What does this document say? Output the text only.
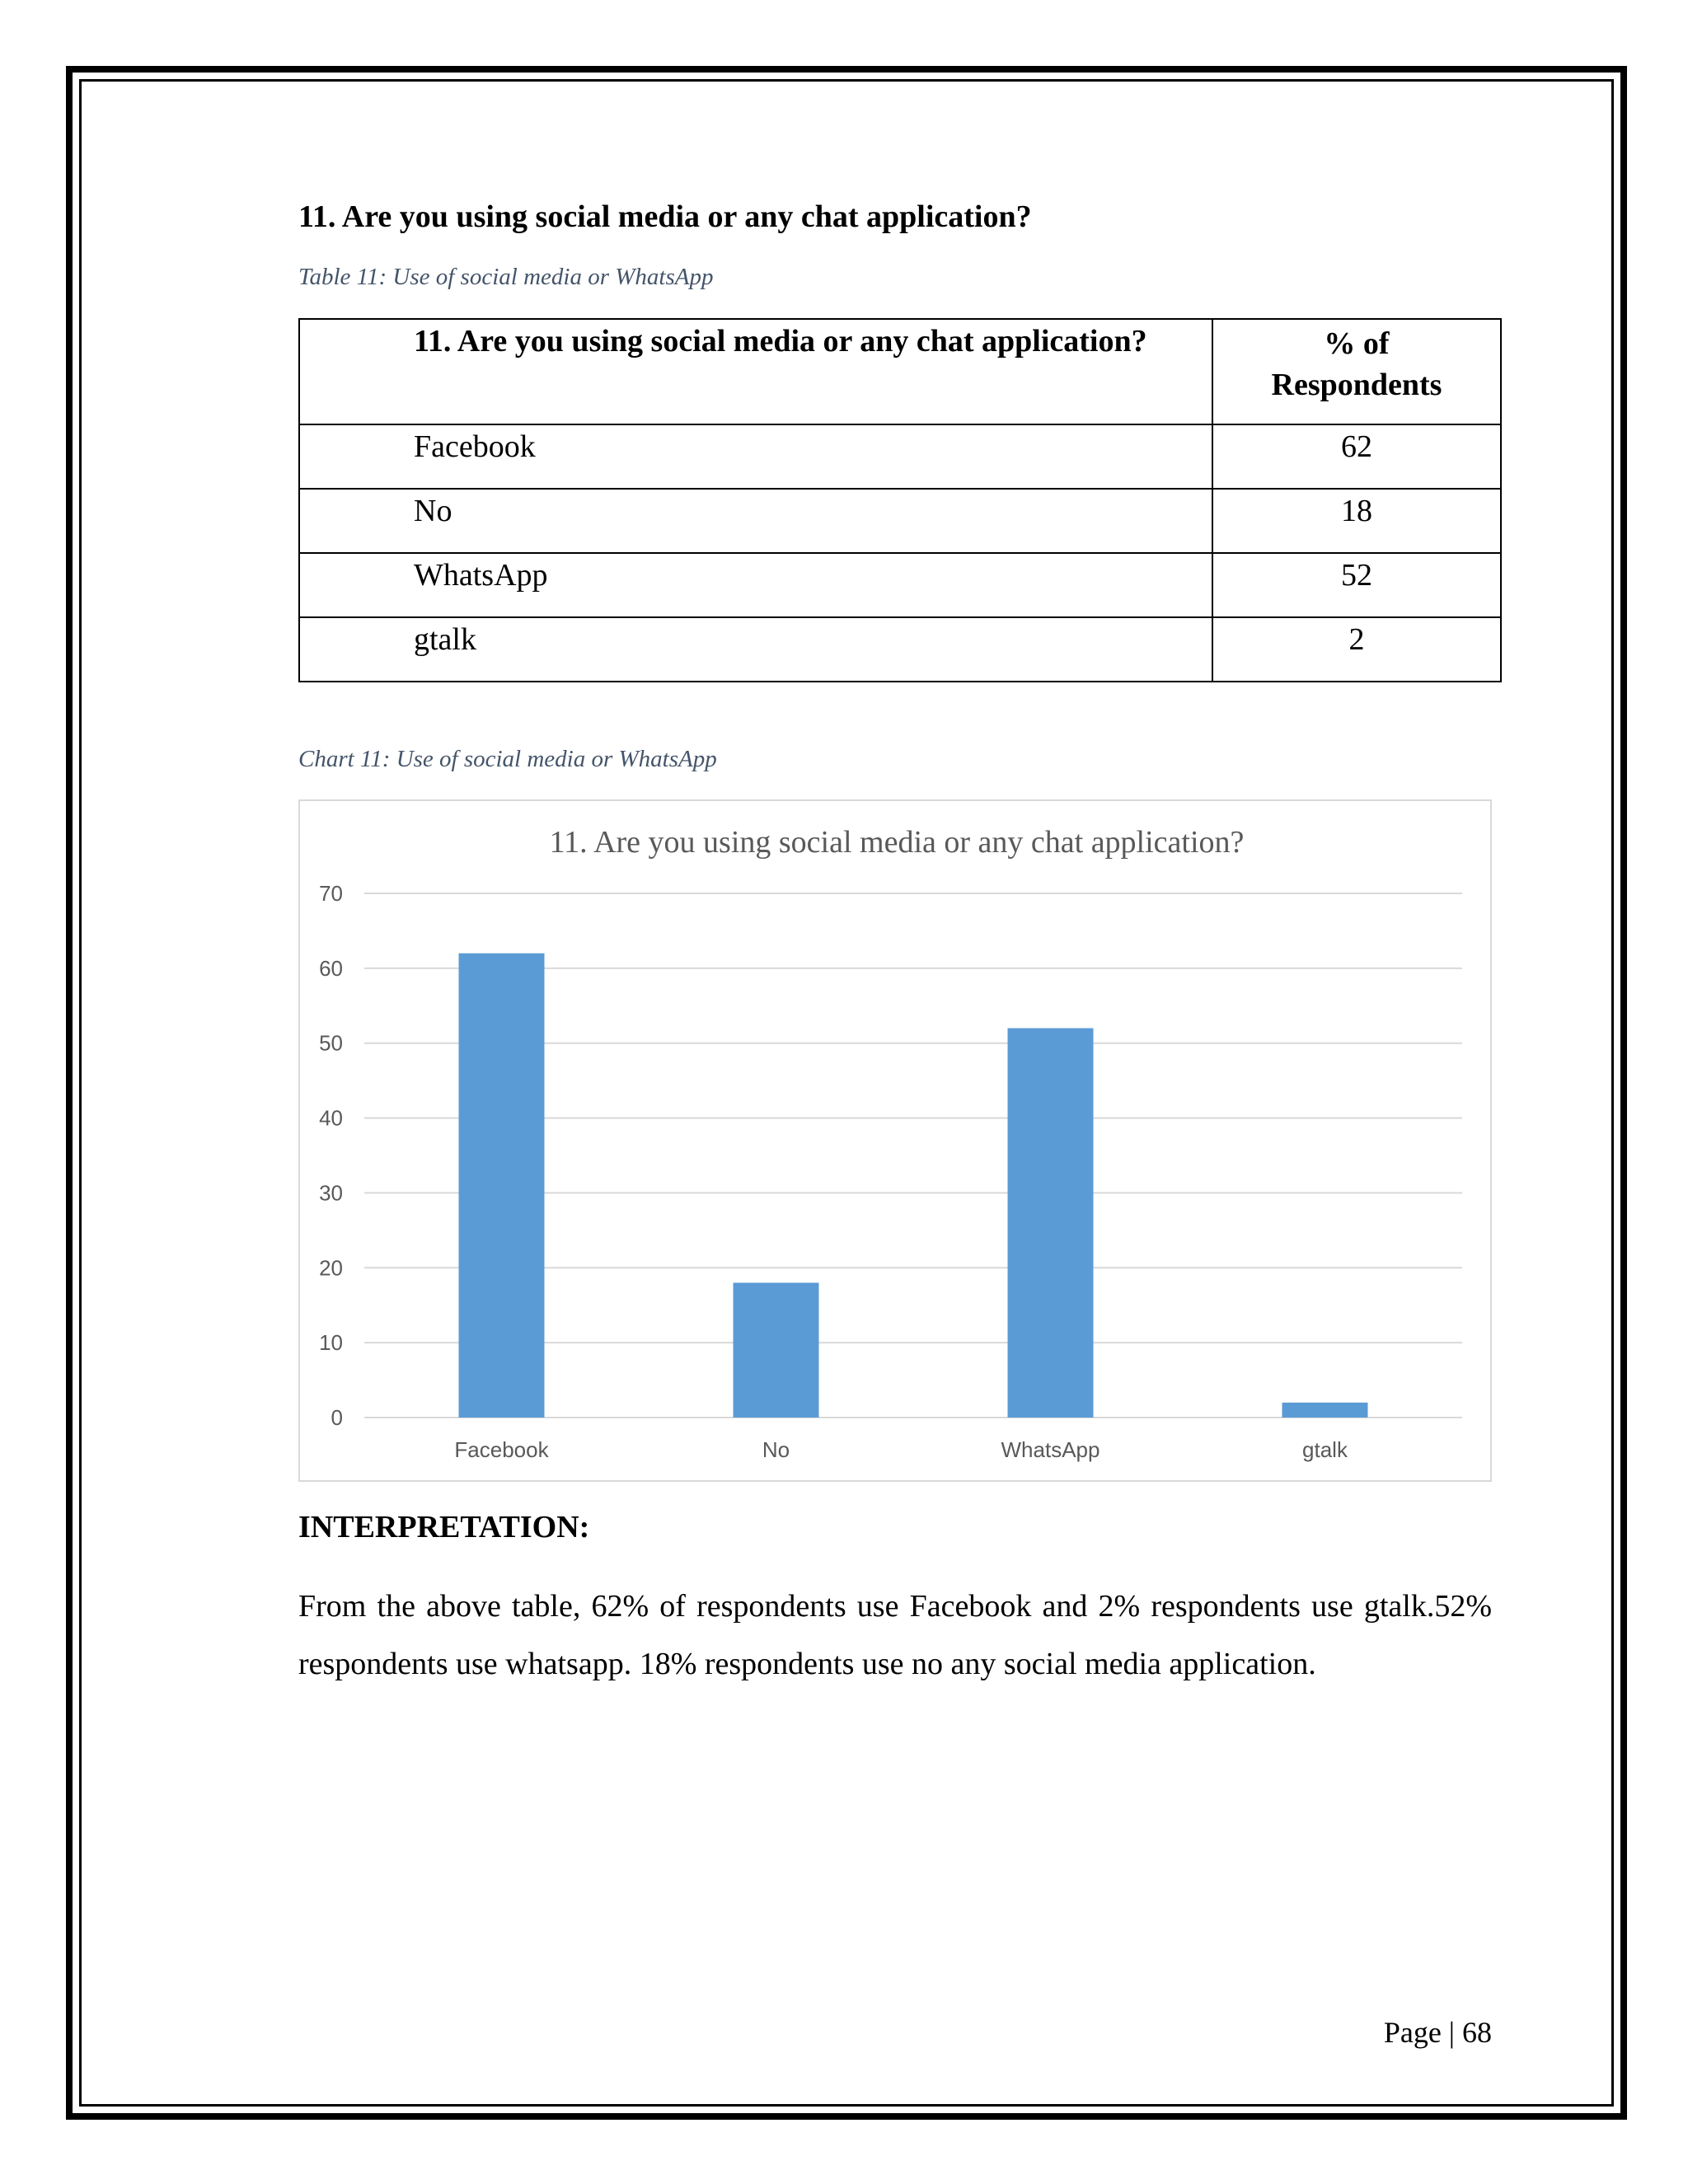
11. Are you using social media or any chat application?

Table 11: Use of social media or WhatsApp

11. Are you using social media or any chat application?	% of
Respondents
Facebook	62
No	18
WhatsApp	52
gtalk	2

Chart 11: Use of social media or WhatsApp

11. Are you using social media or any chat application?
0
10
20
30
40
50
60
70
Facebook	No	WhatsApp	gtalk
INTERPRETATION:

From the above table, 62% of respondents use Facebook and 2% respondents use gtalk.52% respondents use whatsapp. 18% respondents use no any social media application.

Page | 68
